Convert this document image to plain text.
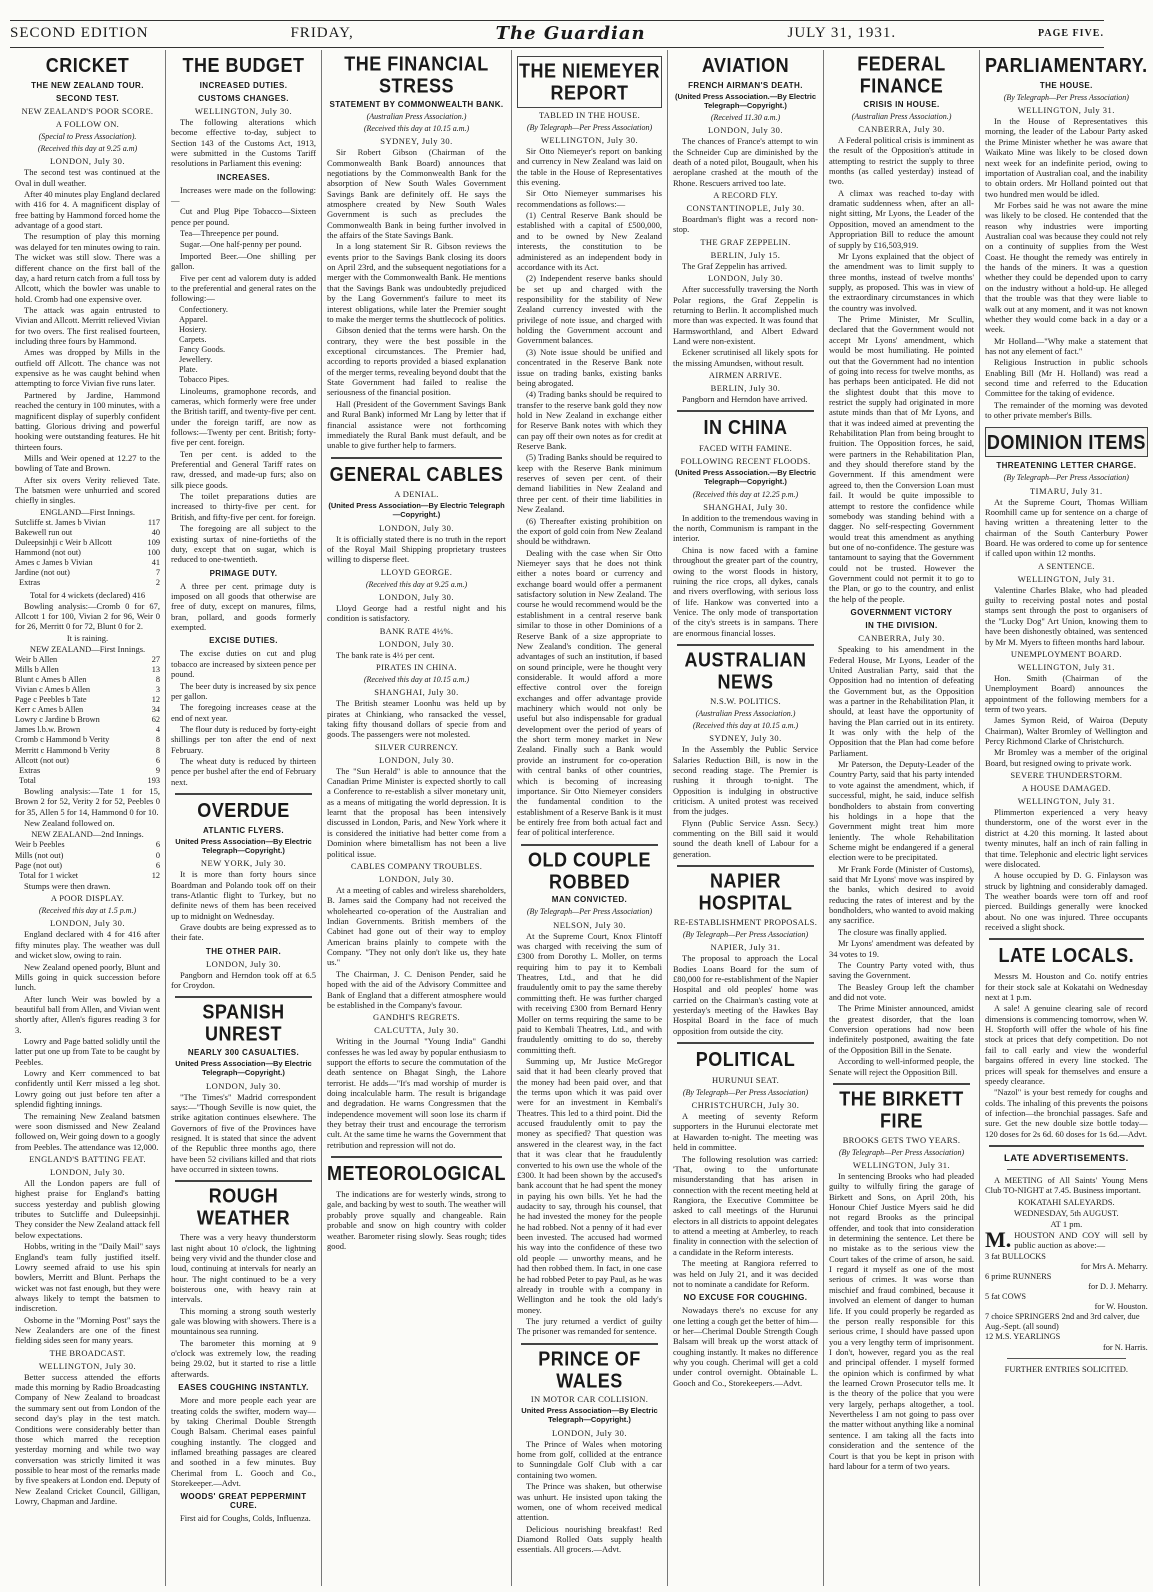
SECOND EDITION	FRIDAY,	The Guardian	JULY 31, 1931.	PAGE FIVE.
CRICKET
THE NEW ZEALAND TOUR.
SECOND TEST.
NEW ZEALAND'S POOR SCORE.
A FOLLOW ON.
(Special to Press Association).
(Received this day at 9.25 a.m)
LONDON, July 30.

The second test was continued at the Oval in dull weather.

After 40 minutes play England declared with 416 for 4. A magnificent display of free batting by Hammond forced home the advantage of a good start.

The resumption of play this morning was delayed for ten minutes owing to rain. The wicket was still slow. There was a different chance on the first ball of the day, a hard return catch from a full toss by Allcott, which the bowler was unable to hold. Cromb had one expensive over.

The attack was again entrusted to Vivian and Allcott. Merritt relieved Vivian for two overs. The first realised fourteen, including three fours by Hammond.

Ames was dropped by Mills in the outfield off Allcott. The chance was not expensive as he was caught behind when attempting to force Vivian five runs later.

Partnered by Jardine, Hammond reached the century in 100 minutes, with a magnificent display of superbly confident batting. Glorious driving and powerful hooking were outstanding features. He hit thirteen fours.

Mills and Weir opened at 12.27 to the bowling of Tate and Brown.

After six overs Verity relieved Tate. The batsmen were unhurried and scored chiefly in singles.

ENGLAND—First Innings.
Sutcliffe st. James b Vivian	117
Bakewell run out	40
Duleepsinhji c Weir b Allcott	109
Hammond (not out)	100
Ames c James b Vivian	41
Jardine (not out)	7
Extras	2
Total for 4 wickets (declared) 416

Bowling analysis:—Cromb 0 for 67, Allcott 1 for 100, Vivian 2 for 96, Weir 0 for 26, Merritt 0 for 72, Blunt 0 for 2.

It is raining.
NEW ZEALAND—First Innings.
Weir b Allen	27
Mills b Allen	13
Blunt c Ames b Allen	8
Vivian c Ames b Allen	3
Page c Peebles b Tate	12
Kerr c Ames b Allen	34
Lowry c Jardine b Brown	62
James l.b.w. Brown	4
Cromb c Hammond b Verity	8
Merritt c Hammond b Verity	8
Allcott (not out)	6
Extras	9
Total	193

Bowling analysis:—Tate 1 for 15, Brown 2 for 52, Verity 2 for 52, Peebles 0 for 35, Allen 5 for 14, Hammond 0 for 10.

New Zealand followed on.

NEW ZEALAND—2nd Innings.
Weir b Peebles	6
Mills (not out)	0
Page (not out)	6
Total for 1 wicket	12

Stumps were then drawn.

A POOR DISPLAY.
(Received this day at 1.5 p.m.)
LONDON, July 30.

England declared with 4 for 416 after fifty minutes play. The weather was dull and wicket slow, owing to rain.

New Zealand opened poorly, Blunt and Mills going in quick succession before lunch.

After lunch Weir was bowled by a beautiful ball from Allen, and Vivian went shortly after, Allen's figures reading 3 for 3.

Lowry and Page batted solidly until the latter put one up from Tate to be caught by Peebles.

Lowry and Kerr commenced to bat confidently until Kerr missed a leg shot. Lowry going out just before ten after a splendid fighting innings.

The remaining New Zealand batsmen were soon dismissed and New Zealand followed on, Weir going down to a googly from Peebles. The attendance was 12,000.

ENGLAND'S BATTING FEAT.
LONDON, July 30.

All the London papers are full of highest praise for England's batting success yesterday and publish glowing tributes to Sutcliffe and Duleepsinhji. They consider the New Zealand attack fell below expectations.

Hobbs, writing in the "Daily Mail" says England's team fully justified itself. Lowry seemed afraid to use his spin bowlers, Merritt and Blunt. Perhaps the wicket was not fast enough, but they were always likely to tempt the batsmen to indiscretion.

Osborne in the "Morning Post" says the New Zealanders are one of the finest fielding sides seen for many years.

THE BROADCAST.
WELLINGTON, July 30.

Better success attended the efforts made this morning by Radio Broadcasting Company of New Zealand to broadcast the summary sent out from London of the second day's play in the test match. Conditions were considerably better than those which marred the reception yesterday morning and while two way conversation was strictly limited it was possible to hear most of the remarks made by five speakers at London end. Deputy of New Zealand Cricket Council, Gilligan, Lowry, Chapman and Jardine.

THE BUDGET
INCREASED DUTIES.
CUSTOMS CHANGES.
WELLINGTON, July 30.

The following alterations which become effective to-day, subject to Section 143 of the Customs Act, 1913, were submitted in the Customs Tariff resolutions in Parliament this evening:

INCREASES.

Increases were made on the following:—

Cut and Plug Pipe Tobacco—Sixteen pence per pound.

Tea—Threepence per pound.

Sugar.—One half-penny per pound.

Imported Beer.—One shilling per gallon.

Five per cent ad valorem duty is added to the preferential and general rates on the following:—

Confectionery.
Apparel.
Hosiery.
Carpets.
Fancy Goods.
Jewellery.
Plate.
Tobacco Pipes.

Linoleums, gramophone records, and cameras, which formerly were free under the British tariff, and twenty-five per cent. under the foreign tariff, are now as follows:—Twenty per cent. British; forty-five per cent. foreign.

Ten per cent. is added to the Preferential and General Tariff rates on raw, dressed, and made-up furs; also on silk piece goods.

The toilet preparations duties are increased to thirty-five per cent. for British, and fifty-five per cent. for foreign.

The foregoing are all subject to the existing surtax of nine-fortieths of the duty, except that on sugar, which is reduced to one-twentieth.

PRIMAGE DUTY.

A three per cent. primage duty is imposed on all goods that otherwise are free of duty, except on manures, films, bran, pollard, and goods formerly exempted.

EXCISE DUTIES.

The excise duties on cut and plug tobacco are increased by sixteen pence per pound.

The beer duty is increased by six pence per gallon.

The foregoing increases cease at the end of next year.

The flour duty is reduced by forty-eight shillings per ton after the end of next February.

The wheat duty is reduced by thirteen pence per bushel after the end of February next.

OVERDUE
ATLANTIC FLYERS.
United Press Association—By Electric Telegraph—Copyright.)
NEW YORK, July 30.

It is more than forty hours since Boardman and Polando took off on their trans-Atlantic flight to Turkey, but no definite news of them has been received up to midnight on Wednesday.

Grave doubts are being expressed as to their fate.

THE OTHER PAIR.
LONDON, July 30.

Pangborn and Herndon took off at 6.5 for Croydon.

SPANISH UNREST
NEARLY 300 CASUALTIES.
United Press Association—By Electric Telegraph—Copyright.)
LONDON, July 30.

"The Times's" Madrid correspondent says:—"Though Seville is now quiet, the strike agitation continues elsewhere. The Governors of five of the Provinces have resigned. It is stated that since the advent of the Republic three months ago, there have been 52 civilians killed and that riots have occurred in sixteen towns.

ROUGH WEATHER

There was a very heavy thunderstorm last night about 10 o'clock, the lightning being very vivid and the thunder close and loud, continuing at intervals for nearly an hour. The night continued to be a very boisterous one, with heavy rain at intervals.

This morning a strong south westerly gale was blowing with showers. There is a mountainous sea running.

The barometer this morning at 9 o'clock was extremely low, the reading being 29.02, but it started to rise a little afterwards.

EASES COUGHING INSTANTLY.

More and more people each year are treating colds the swifter, modern way—by taking Cherimal Double Strength Cough Balsam. Cherimal eases painful coughing instantly. The clogged and inflamed breathing passages are cleared and soothed in a few minutes. Buy Cherimal from L. Gooch and Co., Storekeeper.—Advt.

WOODS' GREAT PEPPERMINT CURE.

First aid for Coughs, Colds, Influenza.

THE FINANCIAL STRESS
STATEMENT BY COMMONWEALTH BANK.
(Australian Press Association.)
(Received this day at 10.15 a.m.)
SYDNEY, July 30.

Sir Robert Gibson (Chairman of the Commonwealth Bank Board) announces that negotiations by the Commonwealth Bank for the absorption of New South Wales Government Savings Bank are definitely off. He says the atmosphere created by New South Wales Government is such as precludes the Commonwealth Bank in being further involved in the affairs of the State Savings Bank.

In a long statement Sir R. Gibson reviews the events prior to the Savings Bank closing its doors on April 23rd, and the subsequent negotiations for a merger with the Commonwealth Bank. He mentions that the Savings Bank was undoubtedly prejudiced by the Lang Government's failure to meet its interest obligations, while later the Premier sought to make the merger terms the shuttlecock of politics.

Gibson denied that the terms were harsh. On the contrary, they were the best possible in the exceptional circumstances. The Premier had, according to reports provided a biased explanation of the merger terms, revealing beyond doubt that the State Government had failed to realise the seriousness of the financial position.

Hall (President of the Government Savings Bank and Rural Bank) informed Mr Lang by letter that if financial assistance were not forthcoming immediately the Rural Bank must default, and be unable to give further help to farmers.

GENERAL CABLES
A DENIAL.
(United Press Association—By Electric Telegraph—Copyright.)
LONDON, July 30.

It is officially stated there is no truth in the report of the Royal Mail Shipping proprietary trustees willing to disperse fleet.

LLOYD GEORGE.
(Received this day at 9.25 a.m.)
LONDON, July 30.

Lloyd George had a restful night and his condition is satisfactory.

BANK RATE 4½%.
LONDON, July 30.

The bank rate is 4½ per cent.

PIRATES IN CHINA.
(Received this day at 10.15 a.m.)
SHANGHAI, July 30.

The British steamer Loonhu was held up by pirates at Chinkiang, who ransacked the vessel, taking fifty thousand dollars of specie from and goods. The passengers were not molested.

SILVER CURRENCY.
LONDON, July 30.

The "Sun Herald" is able to announce that the Canadian Prime Minister is expected shortly to call a Conference to re-establish a silver monetary unit, as a means of mitigating the world depression. It is learnt that the proposal has been intensively discussed in London, Paris, and New York where it is considered the initiative had better come from a Dominion where bimetallism has not been a live political issue.

CABLES COMPANY TROUBLES.
LONDON, July 30.

At a meeting of cables and wireless shareholders, B. James said the Company had not received the wholehearted co-operation of the Australian and Indian Governments. British members of the Cabinet had gone out of their way to employ American brains plainly to compete with the Company. "They not only don't like us, they hate us."

The Chairman, J. C. Denison Pender, said he hoped with the aid of the Advisory Committee and Bank of England that a different atmosphere would be established in the Company's favour.

GANDHI'S REGRETS.
CALCUTTA, July 30.

Writing in the Journal "Young India" Gandhi confesses he was led away by popular enthusiasm to support the efforts to secure the commutation of the death sentence on Bhagat Singh, the Lahore terrorist. He adds—"It's mad worship of murder is doing incalculable harm. The result is brigandage and degradation. He warns Congressmen that the independence movement will soon lose its charm if they betray their trust and encourage the terrorism cult. At the same time he warns the Government that retribution and repression will not do.

METEOROLOGICAL

The indications are for westerly winds, strong to gale, and backing by west to south. The weather will probably prove squally and changeable. Rain probable and snow on high country with colder weather. Barometer rising slowly. Seas rough; tides good.

THE NIEMEYER REPORT
TABLED IN THE HOUSE.
(By Telegraph—Per Press Association)
WELLINGTON, July 30.

Sir Otto Niemeyer's report on banking and currency in New Zealand was laid on the table in the House of Representatives this evening.

Sir Otto Niemeyer summarises his recommendations as follows:—

(1) Central Reserve Bank should be established with a capital of £500,000, and to be owned by New Zealand interests, the constitution to be administered as an independent body in accordance with its Act.

(2) Independent reserve banks should be set up and charged with the responsibility for the stability of New Zealand currency invested with the privilege of note issue, and charged with holding the Government account and Government balances.

(3) Note issue should be unified and concentrated in the Reserve Bank note issue on trading banks, existing banks being abrogated.

(4) Trading banks should be required to transfer to the reserve bank gold they now hold in New Zealand in exchange either for Reserve Bank notes with which they can pay off their own notes as for credit at Reserve Bank.

(5) Trading Banks should be required to keep with the Reserve Bank minimum reserves of seven per cent. of their demand liabilities in New Zealand and three per cent. of their time liabilities in New Zealand.

(6) Thereafter existing prohibition on the export of gold coin from New Zealand should be withdrawn.

Dealing with the case when Sir Otto Niemeyer says that he does not think either a notes board or currency and exchange board would offer a permanent satisfactory solution in New Zealand. The course he would recommend would be the establishment in a central reserve bank similar to those in other Dominions of a Reserve Bank of a size appropriate to New Zealand's condition. The general advantages of such an institution, if based on sound principle, were he thought very considerable. It would afford a more effective control over the foreign exchanges and offer advantage provide machinery which would not only be useful but also indispensable for gradual development over the period of years of the short term money market in New Zealand. Finally such a Bank would provide an instrument for co-operation with central banks of other countries, which is becoming of increasing importance. Sir Otto Niemeyer considers the fundamental condition to the establishment of a Reserve Bank is it must be entirely free from both actual fact and fear of political interference.

OLD COUPLE ROBBED
MAN CONVICTED.
(By Telegraph—Per Press Association)
NELSON, July 30.

At the Supreme Court, Knox Flintoff was charged with receiving the sum of £300 from Dorothy L. Moller, on terms requiring him to pay it to Kembali Theatres, Ltd., and that he did fraudulently omit to pay the same thereby committing theft. He was further charged with receiving £300 from Bernard Henry Moller on terms requiring the same to be paid to Kembali Theatres, Ltd., and with fraudulently omitting to do so, thereby committing theft.

Summing up, Mr Justice McGregor said that it had been clearly proved that the money had been paid over, and that the terms upon which it was paid over were for an investment in Kembali's Theatres. This led to a third point. Did the accused fraudulently omit to pay the money as specified? That question was answered in the clearest way, in the fact that it was clear that he fraudulently converted to his own use the whole of the £300. It had been shown by the accused's bank account that he had spent the money in paying his own bills. Yet he had the audacity to say, through his counsel, that he had invested the money for the people he had robbed. Not a penny of it had ever been invested. The accused had wormed his way into the confidence of these two old people — unworthy means, and he had then robbed them. In fact, in one case he had robbed Peter to pay Paul, as he was already in trouble with a company in Wellington and he took the old lady's money.

The jury returned a verdict of guilty The prisoner was remanded for sentence.

PRINCE OF WALES
IN MOTOR CAR COLLISION.
United Press Association—By Electric Telegraph—Copyright.)
LONDON, July 30.

The Prince of Wales when motoring home from golf, collided at the entrance to Sunningdale Golf Club with a car containing two women.

The Prince was shaken, but otherwise was unhurt. He insisted upon taking the women, one of whom received medical attention.

Delicious nourishing breakfast! Red Diamond Rolled Oats supply health essentials. All grocers.—Advt.

AVIATION
FRENCH AIRMAN'S DEATH.
(United Press Association.—By Electric Telegraph—Copyright.)
(Received 11.30 a.m.)
LONDON, July 30.

The chances of France's attempt to win the Schneider Cup are diminished by the death of a noted pilot, Bougault, when his aeroplane crashed at the mouth of the Rhone. Rescuers arrived too late.

A RECORD FLY.
CONSTANTINOPLE, July 30.

Boardman's flight was a record non-stop.

THE GRAF ZEPPELIN.
BERLIN, July 15.

The Graf Zeppelin has arrived.

LONDON, July 30.

After successfully traversing the North Polar regions, the Graf Zeppelin is returning to Berlin. It accomplished much more than was expected. It was found that Harmsworthland, and Albert Edward Land were non-existent.

Eckener scrutinised all likely spots for the missing Amundsen, without result.

AIRMEN ARRIVE.
BERLIN, July 30.

Pangborn and Herndon have arrived.

IN CHINA
FACED WITH FAMINE.
FOLLOWING RECENT FLOODS.
(United Press Association.—By Electric Telegraph—Copyright.)
(Received this day at 12.25 p.m.)
SHANGHAI, July 30.

In addition to the tremendous waving in the north, Communism is rampant in the interior.

China is now faced with a famine throughout the greater part of the country, owing to the worst floods in history, ruining the rice crops, all dykes, canals and rivers overflowing, with serious loss of life. Hankow was converted into a Venice. The only mode of transportation of the city's streets is in sampans. There are enormous financial losses.

AUSTRALIAN NEWS
N.S.W. POLITICS.
(Australian Press Association.)
(Received this day at 10.15 a.m.)
SYDNEY, July 30.

In the Assembly the Public Service Salaries Reduction Bill, is now in the second reading stage. The Premier is rushing it through to-night. The Opposition is indulging in obstructive criticism. A united protest was received from the judges.

Flynn (Public Service Assn. Secy.) commenting on the Bill said it would sound the death knell of Labour for a generation.

NAPIER HOSPITAL
RE-ESTABLISHMENT PROPOSALS.
(By Telegraph—Per Press Association)
NAPIER, July 31.

The proposal to approach the Local Bodies Loans Board for the sum of £80,000 for re-establishment of the Napier Hospital and old peoples' home was carried on the Chairman's casting vote at yesterday's meeting of the Hawkes Bay Hospital Board in the face of much opposition from outside the city.

POLITICAL
HURUNUI SEAT.
(By Telegraph—Per Press Association)
CHRISTCHURCH, July 30.

A meeting of seventy Reform supporters in the Hurunui electorate met at Hawarden to-night. The meeting was held in committee.

The following resolution was carried: 'That, owing to the unfortunate misunderstanding that has arisen in connection with the recent meeting held at Rangiora, the Executive Committee be asked to call meetings of the Hurunui electors in all districts to appoint delegates to attend a meeting at Amberley, to reach finality in connection with the selection of a candidate in the Reform interests.

The meeting at Rangiora referred to was held on July 21, and it was decided not to nominate a candidate for Reform.

NO EXCUSE FOR COUGHING.

Nowadays there's no excuse for any one letting a cough get the better of him—or her—Cherimal Double Strength Cough Balsam will break up the worst attack of coughing instantly. It makes no difference why you cough. Cherimal will get a cold under control overnight. Obtainable L. Gooch and Co., Storekeepers.—Advt.

FEDERAL FINANCE
CRISIS IN HOUSE.
(Australian Press Association.)
CANBERRA, July 30.

A Federal political crisis is imminent as the result of the Opposition's attitude in attempting to restrict the supply to three months (as called yesterday) instead of two.

A climax was reached to-day with dramatic suddenness when, after an all-night sitting, Mr Lyons, the Leader of the Opposition, moved an amendment to the Appropriation Bill to reduce the amount of supply by £16,503,919.

Mr Lyons explained that the object of the amendment was to limit supply to three months, instead of twelve months' supply, as proposed. This was in view of the extraordinary circumstances in which the country was involved.

The Prime Minister, Mr Scullin, declared that the Government would not accept Mr Lyons' amendment, which would be most humiliating. He pointed out that the Government had no intention of going into recess for twelve months, as has perhaps been anticipated. He did not the slightest doubt that this move to restrict the supply had originated in more astute minds than that of Mr Lyons, and that it was indeed aimed at preventing the Rehabilitation Plan from being brought to fruition. The Opposition forces, he said, were partners in the Rehabilitation Plan, and they should therefore stand by the Government. If this amendment were agreed to, then the Conversion Loan must fail. It would be quite impossible to attempt to restore the confidence while somebody was standing behind with a dagger. No self-respecting Government would treat this amendment as anything but one of no-confidence. The gesture was tantamount to saying that the Government could not be trusted. However the Government could not permit it to go to the Plan, or go to the country, and enlist the help of the people.

GOVERNMENT VICTORY
IN THE DIVISION.
CANBERRA, July 30.

Speaking to his amendment in the Federal House, Mr Lyons, Leader of the United Australian Party, said that the Opposition had no intention of defeating the Government but, as the Opposition was a partner in the Rehabilitation Plan, it should, at least have the opportunity of having the Plan carried out in its entirety. It was only with the help of the Opposition that the Plan had come before Parliament.

Mr Paterson, the Deputy-Leader of the Country Party, said that his party intended to vote against the amendment, which, if successful, might, he said, induce selfish bondholders to abstain from converting his holdings in a hope that the Government might treat him more leniently. The whole Rehabilitation Scheme might be endangered if a general election were to be precipitated.

Mr Frank Forde (Minister of Customs), said that Mr Lyons' move was inspired by the banks, which desired to avoid reducing the rates of interest and by the bondholders, who wanted to avoid making any sacrifice.

The closure was finally applied.

Mr Lyons' amendment was defeated by 34 votes to 19.

The Country Party voted with, thus saving the Government.

The Beasley Group left the chamber and did not vote.

The Prime Minister announced, amidst the greatest disorder, that the loan Conversion operations had now been indefinitely postponed, awaiting the fate of the Opposition Bill in the Senate.

According to well-informed people, the Senate will reject the Opposition Bill.

THE BIRKETT FIRE
BROOKS GETS TWO YEARS.
(By Telegraph—Per Press Association)
WELLINGTON, July 31.

In sentencing Brooks who had pleaded guilty to wilfully firing the garage of Birkett and Sons, on April 20th, his Honour Chief Justice Myers said he did not regard Brooks as the principal offender, and took that into consideration in determining the sentence. Let there be no mistake as to the serious view the Court takes of the crime of arson, he said. I regard it myself as one of the most serious of crimes. It was worse than mischief and fraud combined, because it involved an element of danger to human life. If you could properly be regarded as the person really responsible for this serious crime, I should have passed upon you a very lengthy term of imprisonment. I don't, however, regard you as the real and principal offender. I myself formed the opinion which is confirmed by what the learned Crown Prosecutor tells me. It is the theory of the police that you were very largely, perhaps altogether, a tool. Nevertheless I am not going to pass over the matter without anything like a nominal sentence. I am taking all the facts into consideration and the sentence of the Court is that you be kept in prison with hard labour for a term of two years.

PARLIAMENTARY.
THE HOUSE.
(By Telegraph—Per Press Association)
WELLINGTON, July 31.

In the House of Representatives this morning, the leader of the Labour Party asked the Prime Minister whether he was aware that Waikato Mine was likely to be closed down next week for an indefinite period, owing to importation of Australian coal, and the inability to obtain orders. Mr Holland pointed out that two hundred men would be idled.

Mr Forbes said he was not aware the mine was likely to be closed. He contended that the reason why industries were importing Australian coal was because they could not rely on a continuity of supplies from the West Coast. He thought the remedy was entirely in the hands of the miners. It was a question whether they could be depended upon to carry on the industry without a hold-up. He alleged that the trouble was that they were liable to walk out at any moment, and it was not known whether they would come back in a day or a week.

Mr Holland—"Why make a statement that has not any element of fact."

Religious Instruction in public schools Enabling Bill (Mr H. Holland) was read a second time and referred to the Education Committee for the taking of evidence.

The remainder of the morning was devoted to other private member's Bills.

DOMINION ITEMS
THREATENING LETTER CHARGE.
(By Telegraph—Per Press Association)
TIMARU, July 31.

At the Supreme Court, Thomas William Roomhill came up for sentence on a charge of having written a threatening letter to the chairman of the South Canterbury Power Board. He was ordered to come up for sentence if called upon within 12 months.

A SENTENCE.
WELLINGTON, July 31.

Valentine Charles Blake, who had pleaded guilty to receiving postal notes and postal stamps sent through the post to organisers of the "Lucky Dog" Art Union, knowing them to have been dishonestly obtained, was sentenced by Mr M. Myers to fifteen months hard labour.

UNEMPLOYMENT BOARD.
WELLINGTON, July 31.

Hon. Smith (Chairman of the Unemployment Board) announces the appointment of the following members for a term of two years.

James Symon Reid, of Wairoa (Deputy Chairman), Walter Bromley of Wellington and Percy Richmond Clarke of Christchurch.

Mr Bromley was a member of the original Board, but resigned owing to private work.

SEVERE THUNDERSTORM.
A HOUSE DAMAGED.
WELLINGTON, July 31.

Plimmerton experienced a very heavy thunderstorm, one of the worst ever in the district at 4.20 this morning. It lasted about twenty minutes, half an inch of rain falling in that time. Telephonic and electric light services were dislocated.

A house occupied by D. G. Finlayson was struck by lightning and considerably damaged. The weather boards were torn off and roof pierced. Buildings generally were knocked about. No one was injured. Three occupants received a slight shock.

LATE LOCALS.

Messrs M. Houston and Co. notify entries for their stock sale at Kokatahi on Wednesday next at 1 p.m.

A sale! A genuine clearing sale of record dimensions is commencing tomorrow, when W. H. Stopforth will offer the whole of his fine stock at prices that defy competition. Do not fail to call early and view the wonderful bargains offered in every line stocked. The prices will speak for themselves and ensure a speedy clearance.

"Nazol" is your best remedy for coughs and colds. The inhaling of this prevents the poisons of infection—the bronchial passages. Safe and sure. Get the new double size bottle today—120 doses for 2s 6d. 60 doses for 1s 6d.—Advt.

LATE ADVERTISEMENTS.

A MEETING of All Saints' Young Mens Club TO-NIGHT at 7.45. Business important.

KOKATAHI SALEYARDS.
WEDNESDAY, 5th AUGUST.
AT 1 pm.
M. HOUSTON AND COY will sell by public auction as above:—

3 fat BULLOCKS
for Mrs A. Meharry.
6 prime RUNNERS
for D. J. Meharry.
5 fat COWS
for W. Houston.
7 choice SPRINGERS 2nd and 3rd calver, due Aug.-Sept. (all sound)
12 M.S. YEARLINGS
for N. Harris.
FURTHER ENTRIES SOLICITED.
